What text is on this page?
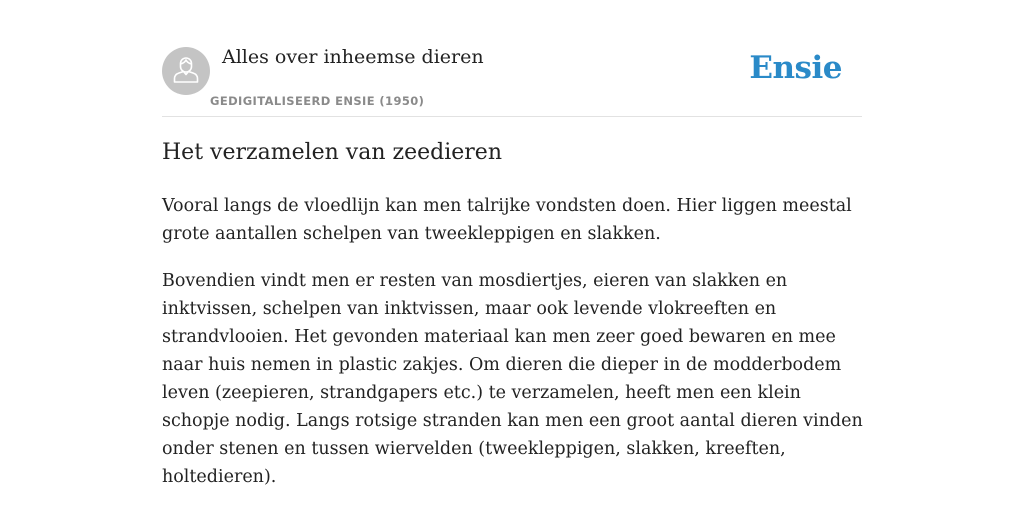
Alles over inheemse dieren
GEDIGITALISEERD ENSIE (1950)
Ensie
Het verzamelen van zeedieren

Vooral langs de vloedlijn kan men talrijke vondsten doen. Hier liggen meestal grote aantallen schelpen van tweekleppigen en slakken.

Bovendien vindt men er resten van mosdiertjes, eieren van slakken en inktvissen, schelpen van inktvissen, maar ook levende vlokreeften en strandvlooien. Het gevonden materiaal kan men zeer goed bewaren en mee naar huis nemen in plastic zakjes. Om dieren die dieper in de modderbodem leven (zeepieren, strandgapers etc.) te verzamelen, heeft men een klein schopje nodig. Langs rotsige stranden kan men een groot aantal dieren vinden onder stenen en tussen wiervelden (tweekleppigen, slakken, kreeften, holtedieren).
